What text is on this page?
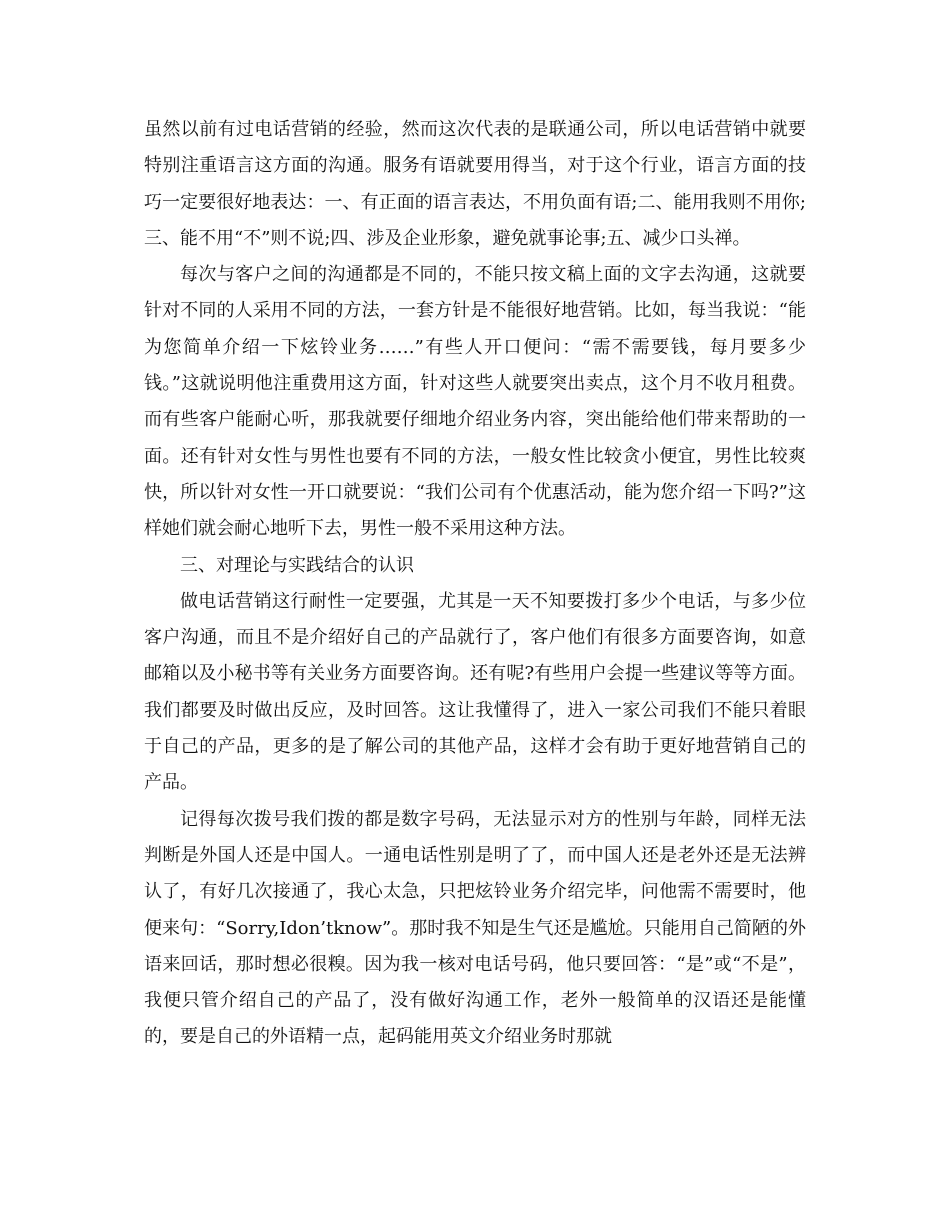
虽然以前有过电话营销的经验，然而这次代表的是联通公司，所以电话营销中就要特别注重语言这方面的沟通。服务有语就要用得当，对于这个行业，语言方面的技巧一定要很好地表达：一、有正面的语言表达，不用负面有语;二、能用我则不用你;三、能不用“不”则不说;四、涉及企业形象，避免就事论事;五、减少口头禅。

每次与客户之间的沟通都是不同的，不能只按文稿上面的文字去沟通，这就要针对不同的人采用不同的方法，一套方针是不能很好地营销。比如，每当我说：“能为您简单介绍一下炫铃业务……”有些人开口便问：“需不需要钱，每月要多少钱。”这就说明他注重费用这方面，针对这些人就要突出卖点，这个月不收月租费。而有些客户能耐心听，那我就要仔细地介绍业务内容，突出能给他们带来帮助的一面。还有针对女性与男性也要有不同的方法，一般女性比较贪小便宜，男性比较爽快，所以针对女性一开口就要说：“我们公司有个优惠活动，能为您介绍一下吗?”这样她们就会耐心地听下去，男性一般不采用这种方法。

三、对理论与实践结合的认识

做电话营销这行耐性一定要强，尤其是一天不知要拨打多少个电话，与多少位客户沟通，而且不是介绍好自己的产品就行了，客户他们有很多方面要咨询，如意邮箱以及小秘书等有关业务方面要咨询。还有呢?有些用户会提一些建议等等方面。我们都要及时做出反应，及时回答。这让我懂得了，进入一家公司我们不能只着眼于自己的产品，更多的是了解公司的其他产品，这样才会有助于更好地营销自己的产品。

记得每次拨号我们拨的都是数字号码，无法显示对方的性别与年龄，同样无法判断是外国人还是中国人。一通电话性别是明了了，而中国人还是老外还是无法辨认了，有好几次接通了，我心太急，只把炫铃业务介绍完毕，问他需不需要时，他便来句：“Sorry,Idon’tknow”。那时我不知是生气还是尴尬。只能用自己简陋的外语来回话，那时想必很糗。因为我一核对电话号码，他只要回答：“是”或“不是”，我便只管介绍自己的产品了，没有做好沟通工作，老外一般简单的汉语还是能懂的，要是自己的外语精一点，起码能用英文介绍业务时那就
